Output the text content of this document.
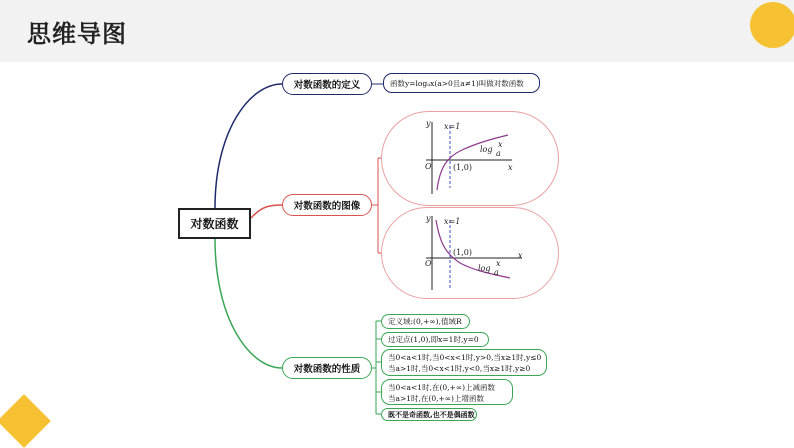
思维导图
对数函数
对数函数的定义
对数函数的图像
对数函数的性质
函数y=logₐx(a>0且a≠1)叫做对数函数
y
x
O
x=1
(1,0)
log a
x
y
x
O
x=1
(1,0)
log a
x
定义域:(0,+∞),值域R
过定点(1,0),即x=1时,y=0
当0<a<1时,当0<x<1时,y>0,当x≥1时,y≤0
当a>1时,当0<x<1时,y<0,当x≥1时,y≥0
当0<a<1时,在(0,+∞)上减函数
当a>1时,在(0,+∞)上增函数
既不是奇函数,也不是偶函数
